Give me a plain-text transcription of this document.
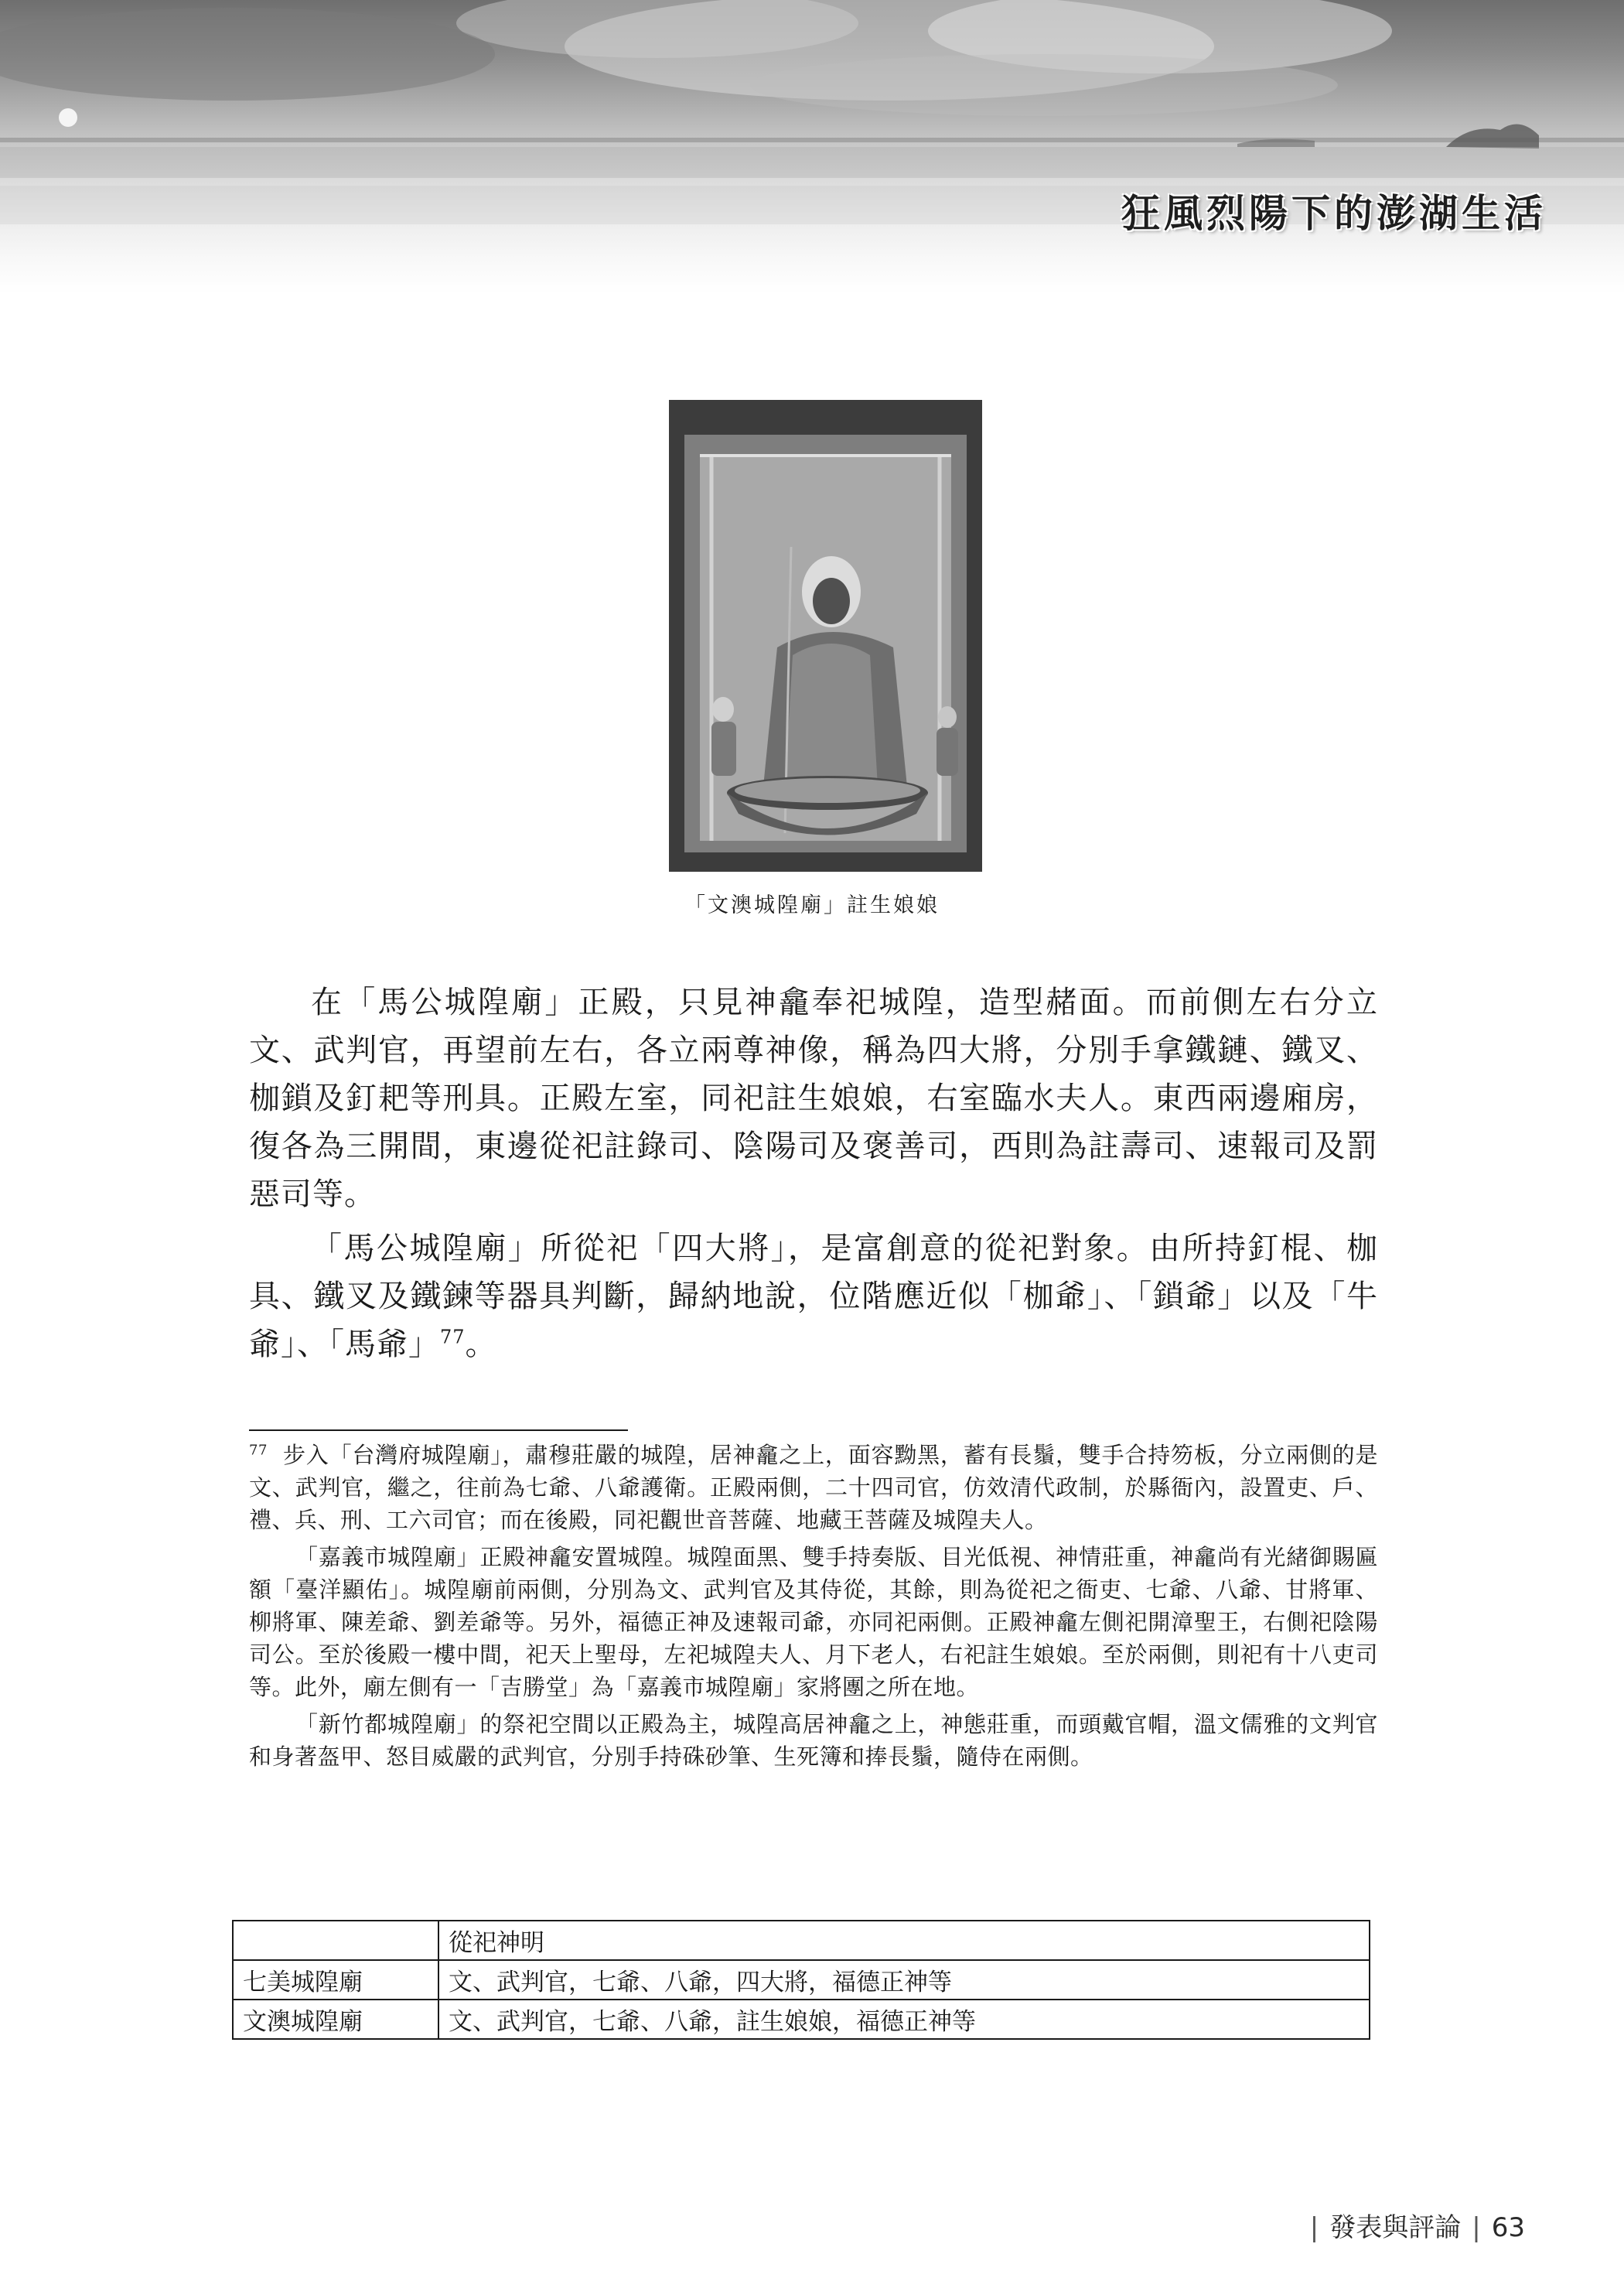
狂風烈陽下的澎湖生活
「文澳城隍廟」註生娘娘

在「馬公城隍廟」正殿，只見神龕奉祀城隍，造型赭面。而前側左右分立文、武判官，再望前左右，各立兩尊神像，稱為四大將，分別手拿鐵鏈、鐵叉、枷鎖及釘耙等刑具。正殿左室，同祀註生娘娘，右室臨水夫人。東西兩邊廂房，復各為三開間，東邊從祀註錄司、陰陽司及褒善司，西則為註壽司、速報司及罰惡司等。

「馬公城隍廟」所從祀「四大將」，是富創意的從祀對象。由所持釘棍、枷具、鐵叉及鐵鍊等器具判斷，歸納地說，位階應近似「枷爺」、「鎖爺」以及「牛爺」、「馬爺」$^{77}$。

$^{77}$ 步入「台灣府城隍廟」，肅穆莊嚴的城隍，居神龕之上，面容黝黑，蓄有長鬚，雙手合持笏板，分立兩側的是文、武判官，繼之，往前為七爺、八爺護衛。正殿兩側，二十四司官，仿效清代政制，於縣衙內，設置吏、戶、禮、兵、刑、工六司官；而在後殿，同祀觀世音菩薩、地藏王菩薩及城隍夫人。

「嘉義市城隍廟」正殿神龕安置城隍。城隍面黑、雙手持奏版、目光低視、神情莊重，神龕尚有光緒御賜匾額「臺洋顯佑」。城隍廟前兩側，分別為文、武判官及其侍從，其餘，則為從祀之衙吏、七爺、八爺、甘將軍、柳將軍、陳差爺、劉差爺等。另外，福德正神及速報司爺，亦同祀兩側。正殿神龕左側祀開漳聖王，右側祀陰陽司公。至於後殿一樓中間，祀天上聖母，左祀城隍夫人、月下老人，右祀註生娘娘。至於兩側，則祀有十八吏司等。此外，廟左側有一「吉勝堂」為「嘉義市城隍廟」家將團之所在地。

「新竹都城隍廟」的祭祀空間以正殿為主，城隍高居神龕之上，神態莊重，而頭戴官帽，溫文儒雅的文判官和身著盔甲、怒目威嚴的武判官，分別手持硃砂筆、生死簿和捧長鬚，隨侍在兩側。

	從祀神明
七美城隍廟	文、武判官，七爺、八爺，四大將，福德正神等
文澳城隍廟	文、武判官，七爺、八爺，註生娘娘，福德正神等
| 發表與評論 | 63
